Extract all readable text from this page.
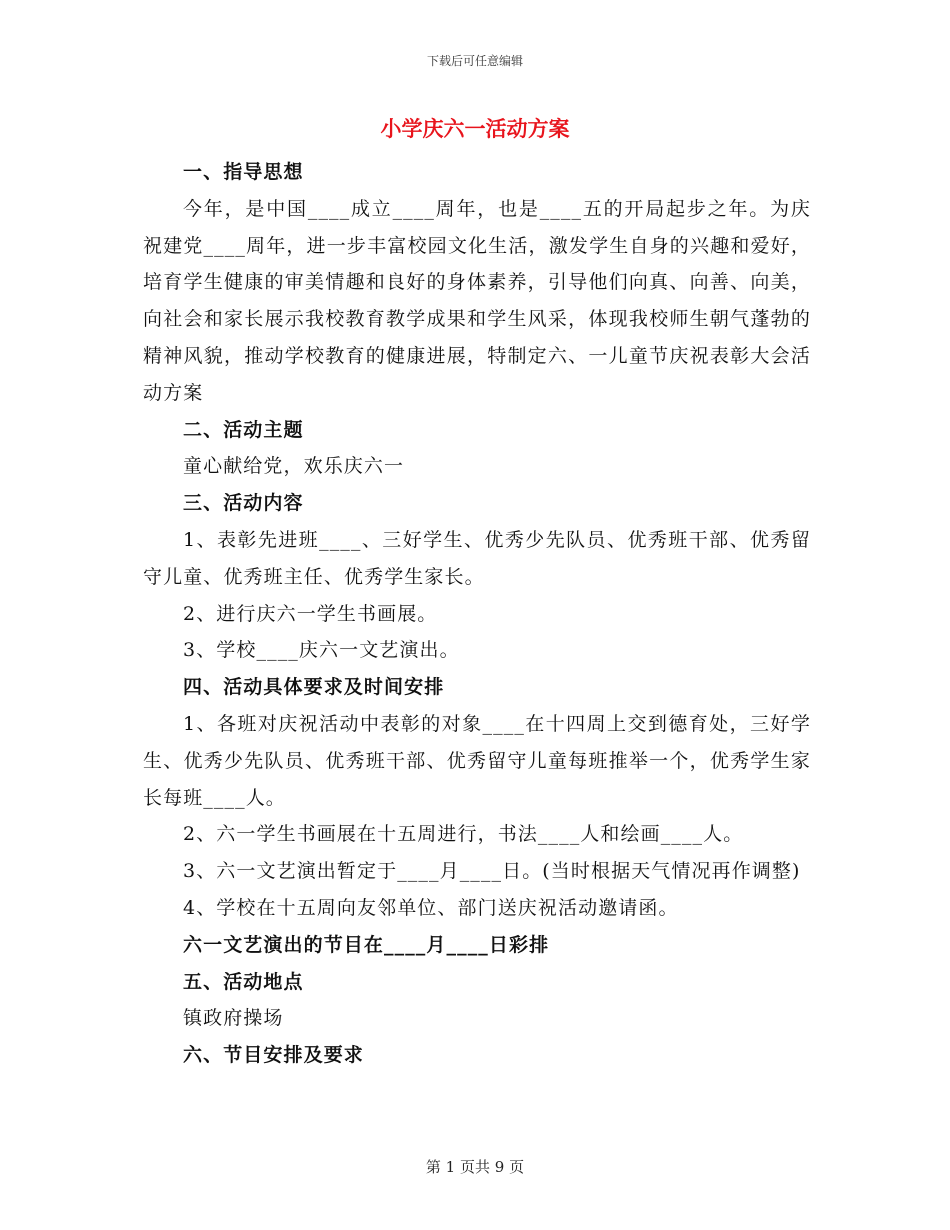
下载后可任意编辑
小学庆六一活动方案
一、指导思想
今年，是中国____成立____周年，也是____五的开局起步之年。为庆祝建党____周年，进一步丰富校园文化生活，激发学生自身的兴趣和爱好，培育学生健康的审美情趣和良好的身体素养，引导他们向真、向善、向美，向社会和家长展示我校教育教学成果和学生风采，体现我校师生朝气蓬勃的精神风貌，推动学校教育的健康进展，特制定六、一儿童节庆祝表彰大会活动方案
二、活动主题
童心献给党，欢乐庆六一
三、活动内容
1、表彰先进班____、三好学生、优秀少先队员、优秀班干部、优秀留守儿童、优秀班主任、优秀学生家长。
2、进行庆六一学生书画展。
3、学校____庆六一文艺演出。
四、活动具体要求及时间安排
1、各班对庆祝活动中表彰的对象____在十四周上交到德育处，三好学生、优秀少先队员、优秀班干部、优秀留守儿童每班推举一个，优秀学生家长每班____人。
2、六一学生书画展在十五周进行，书法____人和绘画____人。
3、六一文艺演出暂定于____月____日。(当时根据天气情况再作调整)
4、学校在十五周向友邻单位、部门送庆祝活动邀请函。
六一文艺演出的节目在____月____日彩排
五、活动地点
镇政府操场
六、节目安排及要求
第 1 页共 9 页
